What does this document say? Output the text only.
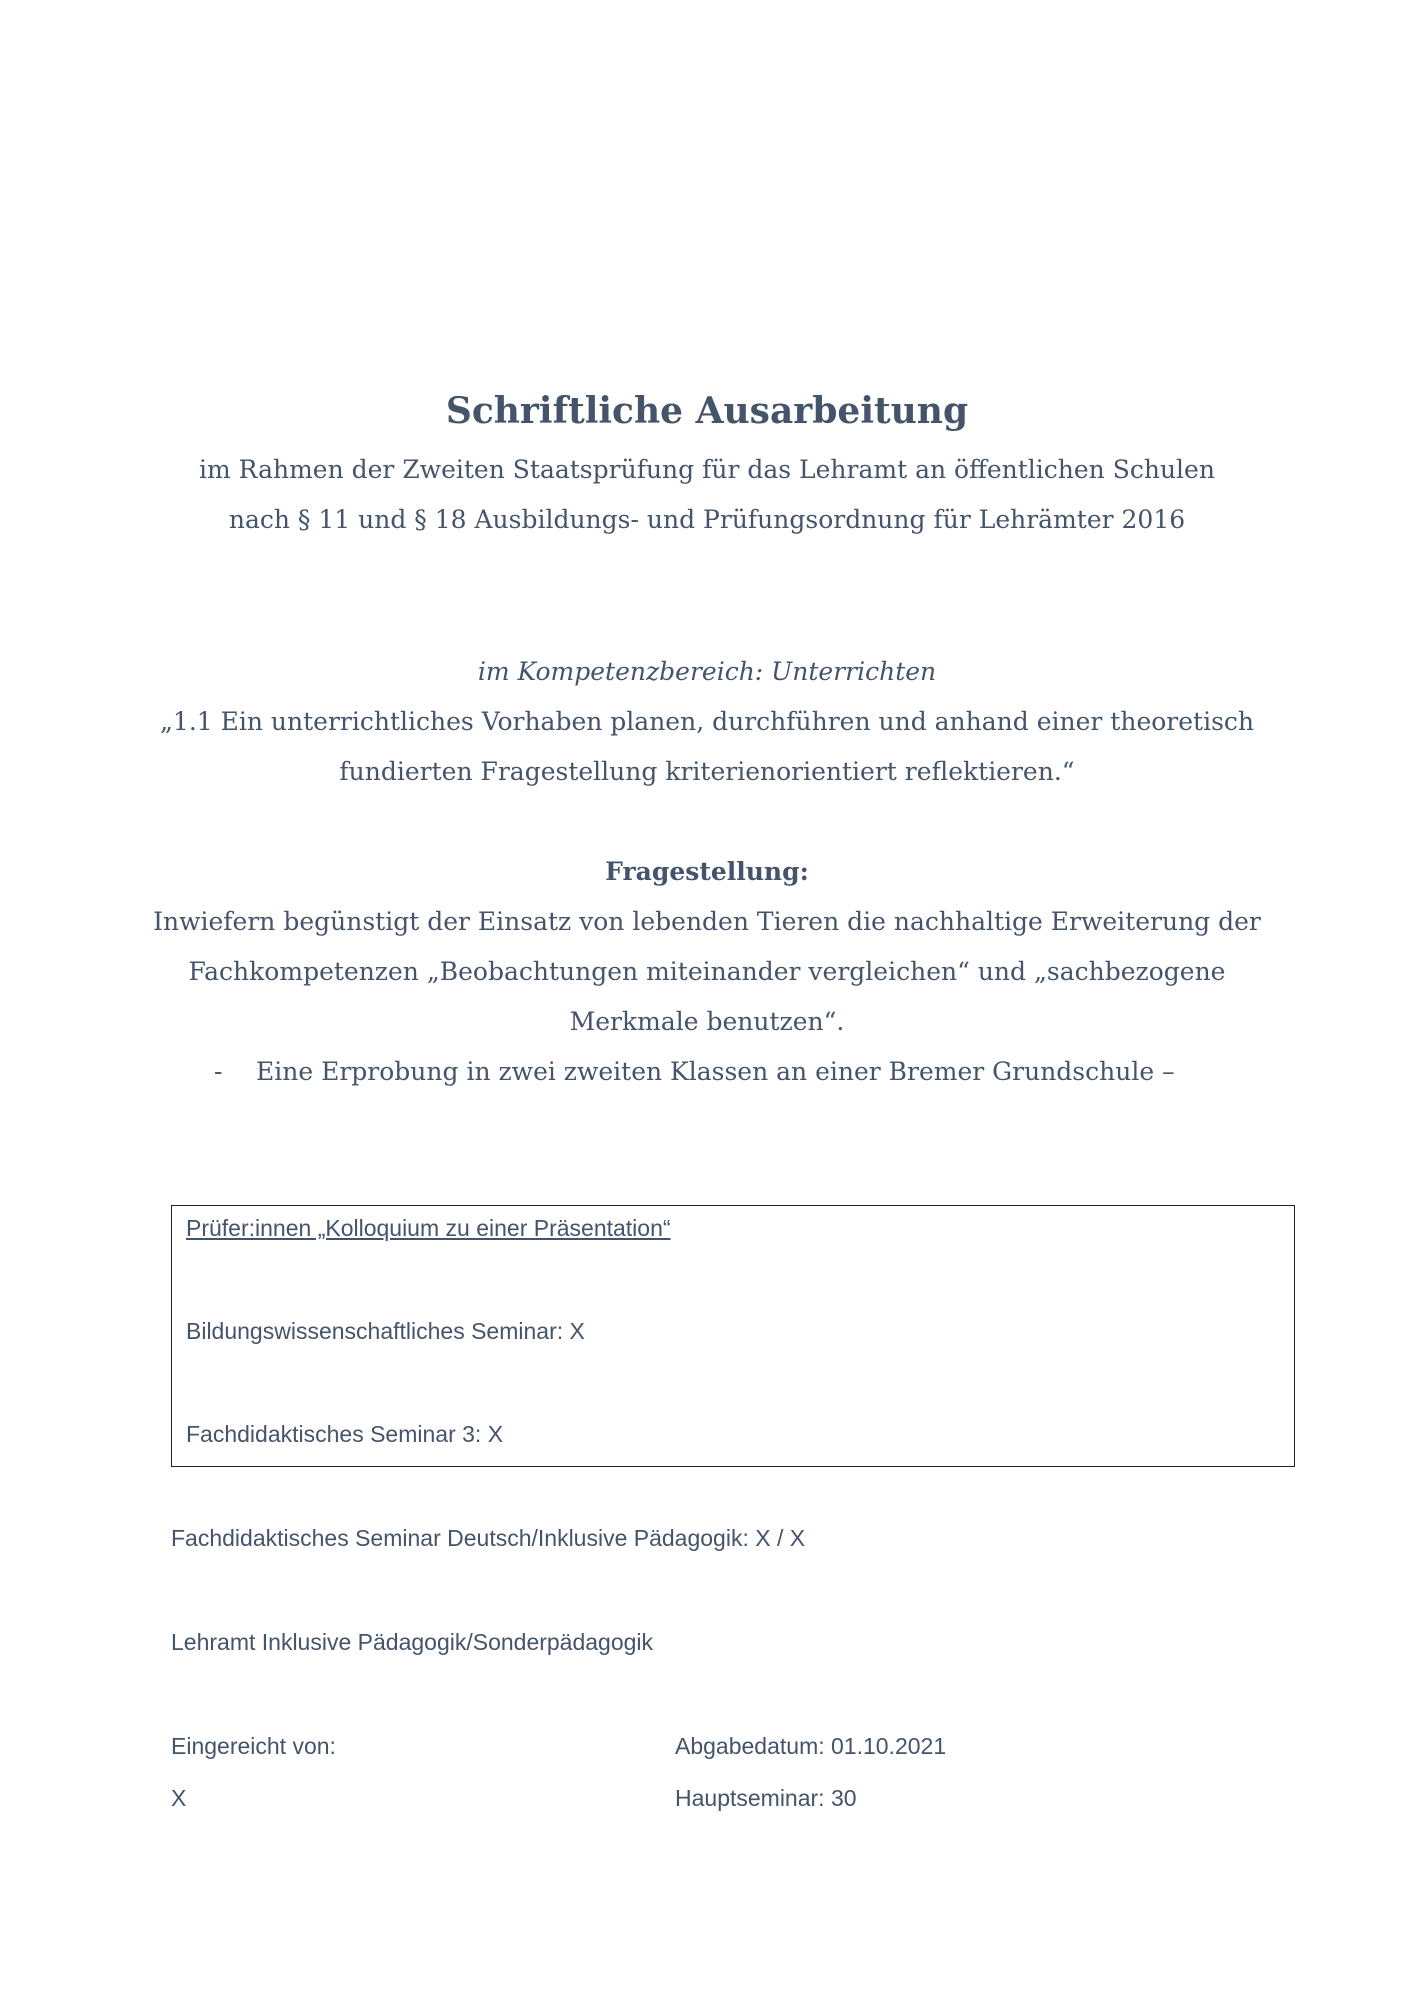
Schriftliche Ausarbeitung
im Rahmen der Zweiten Staatsprüfung für das Lehramt an öffentlichen Schulen
nach § 11 und § 18 Ausbildungs- und Prüfungsordnung für Lehrämter 2016
im Kompetenzbereich: Unterrichten
„1.1 Ein unterrichtliches Vorhaben planen, durchführen und anhand einer theoretisch
fundierten Fragestellung kriterienorientiert reflektieren.“
Fragestellung:
Inwiefern begünstigt der Einsatz von lebenden Tieren die nachhaltige Erweiterung der
Fachkompetenzen „Beobachtungen miteinander vergleichen“ und „sachbezogene
Merkmale benutzen“.
- Eine Erprobung in zwei zweiten Klassen an einer Bremer Grundschule –
Prüfer:innen „Kolloquium zu einer Präsentation“
Bildungswissenschaftliches Seminar: X
Fachdidaktisches Seminar 3: X
Fachdidaktisches Seminar Deutsch/Inklusive Pädagogik: X / X
Lehramt Inklusive Pädagogik/Sonderpädagogik
Eingereicht von:
X
Abgabedatum: 01.10.2021
Hauptseminar: 30
